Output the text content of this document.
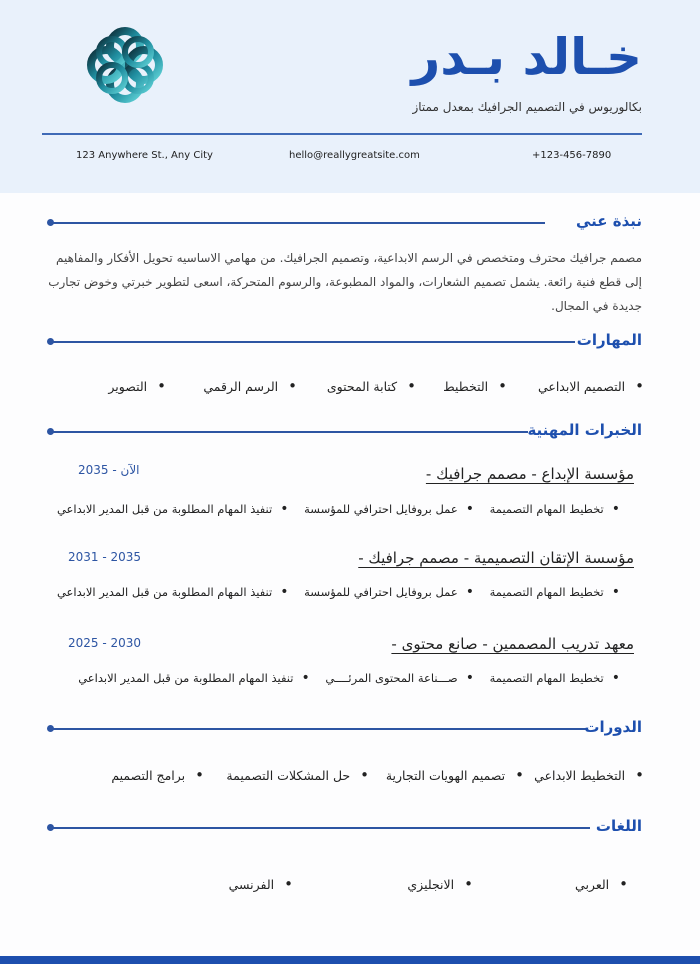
خـالد بـدر
بكالوريوس في التصميم الجرافيك بمعدل ممتاز
123 Anywhere St., Any City	hello@reallygreatsite.com	+123-456-7890
نبذة عني

مصمم جرافيك محترف ومتخصص في الرسم الابداعية، وتصميم الجرافيك. من مهامي الاساسيه تحويل الأفكار والمفاهيم

إلى قطع فنية رائعة. يشمل تصميم الشعارات، والمواد المطبوعة، والرسوم المتحركة، اسعى لتطوير خبرتي وخوض تجارب

جديدة في المجال.

المهارات
• التصميم الابداعي
• التخطيط
• كتابة المحتوى
• الرسم الرقمي
• التصوير
الخبرات المهنية
مؤسسة الإبداع - مصمم جرافيك -
2035 - الآن
• تخطيط المهام التصميمة • عمل بروفايل احترافي للمؤسسة • تنفيذ المهام المطلوبة من قبل المدير الابداعي
مؤسسة الإتقان التصميمية - مصمم جرافيك -
2031 - 2035
• تخطيط المهام التصميمة • عمل بروفايل احترافي للمؤسسة • تنفيذ المهام المطلوبة من قبل المدير الابداعي
معهد تدريب المصممين - صانع محتوى -
2025 - 2030
• تخطيط المهام التصميمة • صـــناعة المحتوى المرئــــي • تنفيذ المهام المطلوبة من قبل المدير الابداعي
الدورات
• التخطيط الابداعي
• تصميم الهويات التجارية
• حل المشكلات التصميمة
• برامج التصميم
اللغات
• العربي
• الانجليزي
• الفرنسي
